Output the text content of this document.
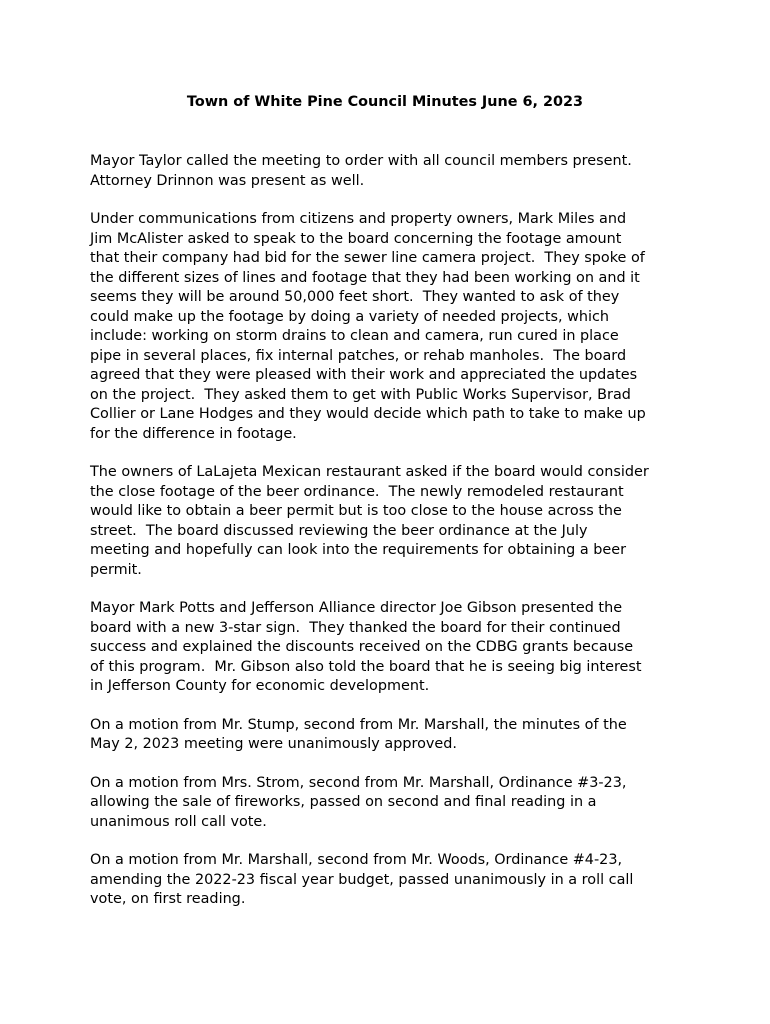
Town of White Pine Council Minutes June 6, 2023
Mayor Taylor called the meeting to order with all council members present.
Attorney Drinnon was present as well.
Under communications from citizens and property owners, Mark Miles and
Jim McAlister asked to speak to the board concerning the footage amount
that their company had bid for the sewer line camera project.  They spoke of
the different sizes of lines and footage that they had been working on and it
seems they will be around 50,000 feet short.  They wanted to ask of they
could make up the footage by doing a variety of needed projects, which
include: working on storm drains to clean and camera, run cured in place
pipe in several places, fix internal patches, or rehab manholes.  The board
agreed that they were pleased with their work and appreciated the updates
on the project.  They asked them to get with Public Works Supervisor, Brad
Collier or Lane Hodges and they would decide which path to take to make up
for the difference in footage.
The owners of LaLajeta Mexican restaurant asked if the board would consider
the close footage of the beer ordinance.  The newly remodeled restaurant
would like to obtain a beer permit but is too close to the house across the
street.  The board discussed reviewing the beer ordinance at the July
meeting and hopefully can look into the requirements for obtaining a beer
permit.
Mayor Mark Potts and Jefferson Alliance director Joe Gibson presented the
board with a new 3-star sign.  They thanked the board for their continued
success and explained the discounts received on the CDBG grants because
of this program.  Mr. Gibson also told the board that he is seeing big interest
in Jefferson County for economic development.
On a motion from Mr. Stump, second from Mr. Marshall, the minutes of the
May 2, 2023 meeting were unanimously approved.
On a motion from Mrs. Strom, second from Mr. Marshall, Ordinance #3-23,
allowing the sale of fireworks, passed on second and final reading in a
unanimous roll call vote.
On a motion from Mr. Marshall, second from Mr. Woods, Ordinance #4-23,
amending the 2022-23 fiscal year budget, passed unanimously in a roll call
vote, on first reading.
